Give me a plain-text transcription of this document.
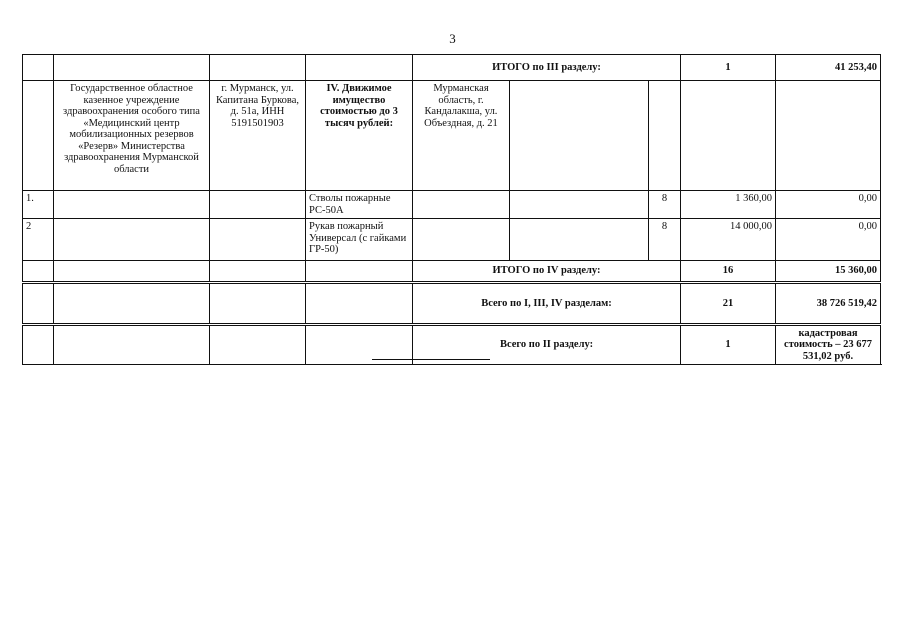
3
				ИТОГО по III разделу:			1	41 253,40	
	Государственное областное казенное учреждение здравоохранения особого типа «Медицинский центр мобилизационных резервов «Резерв» Министерства здравоохранения Мурманской области	г. Мурманск, ул. Капитана Буркова, д. 51а, ИНН 5191501903	IV. Движимое имущество стоимостью до 3 тысяч рублей:	Мурманская область, г. Кандалакша, ул. Объездная, д. 21					
1.			Стволы пожарные РС-50А			8	1 360,00	0,00	
2			Рукав пожарный Универсал (с гайками ГР-50)			8	14 000,00	0,00	
				ИТОГО по IV разделу:			16	15 360,00	
				Всего по I, III, IV разделам:			21	38 726 519,42	
				Всего по II разделу:			1	кадастровая стоимость – 23 677 531,02 руб.	
